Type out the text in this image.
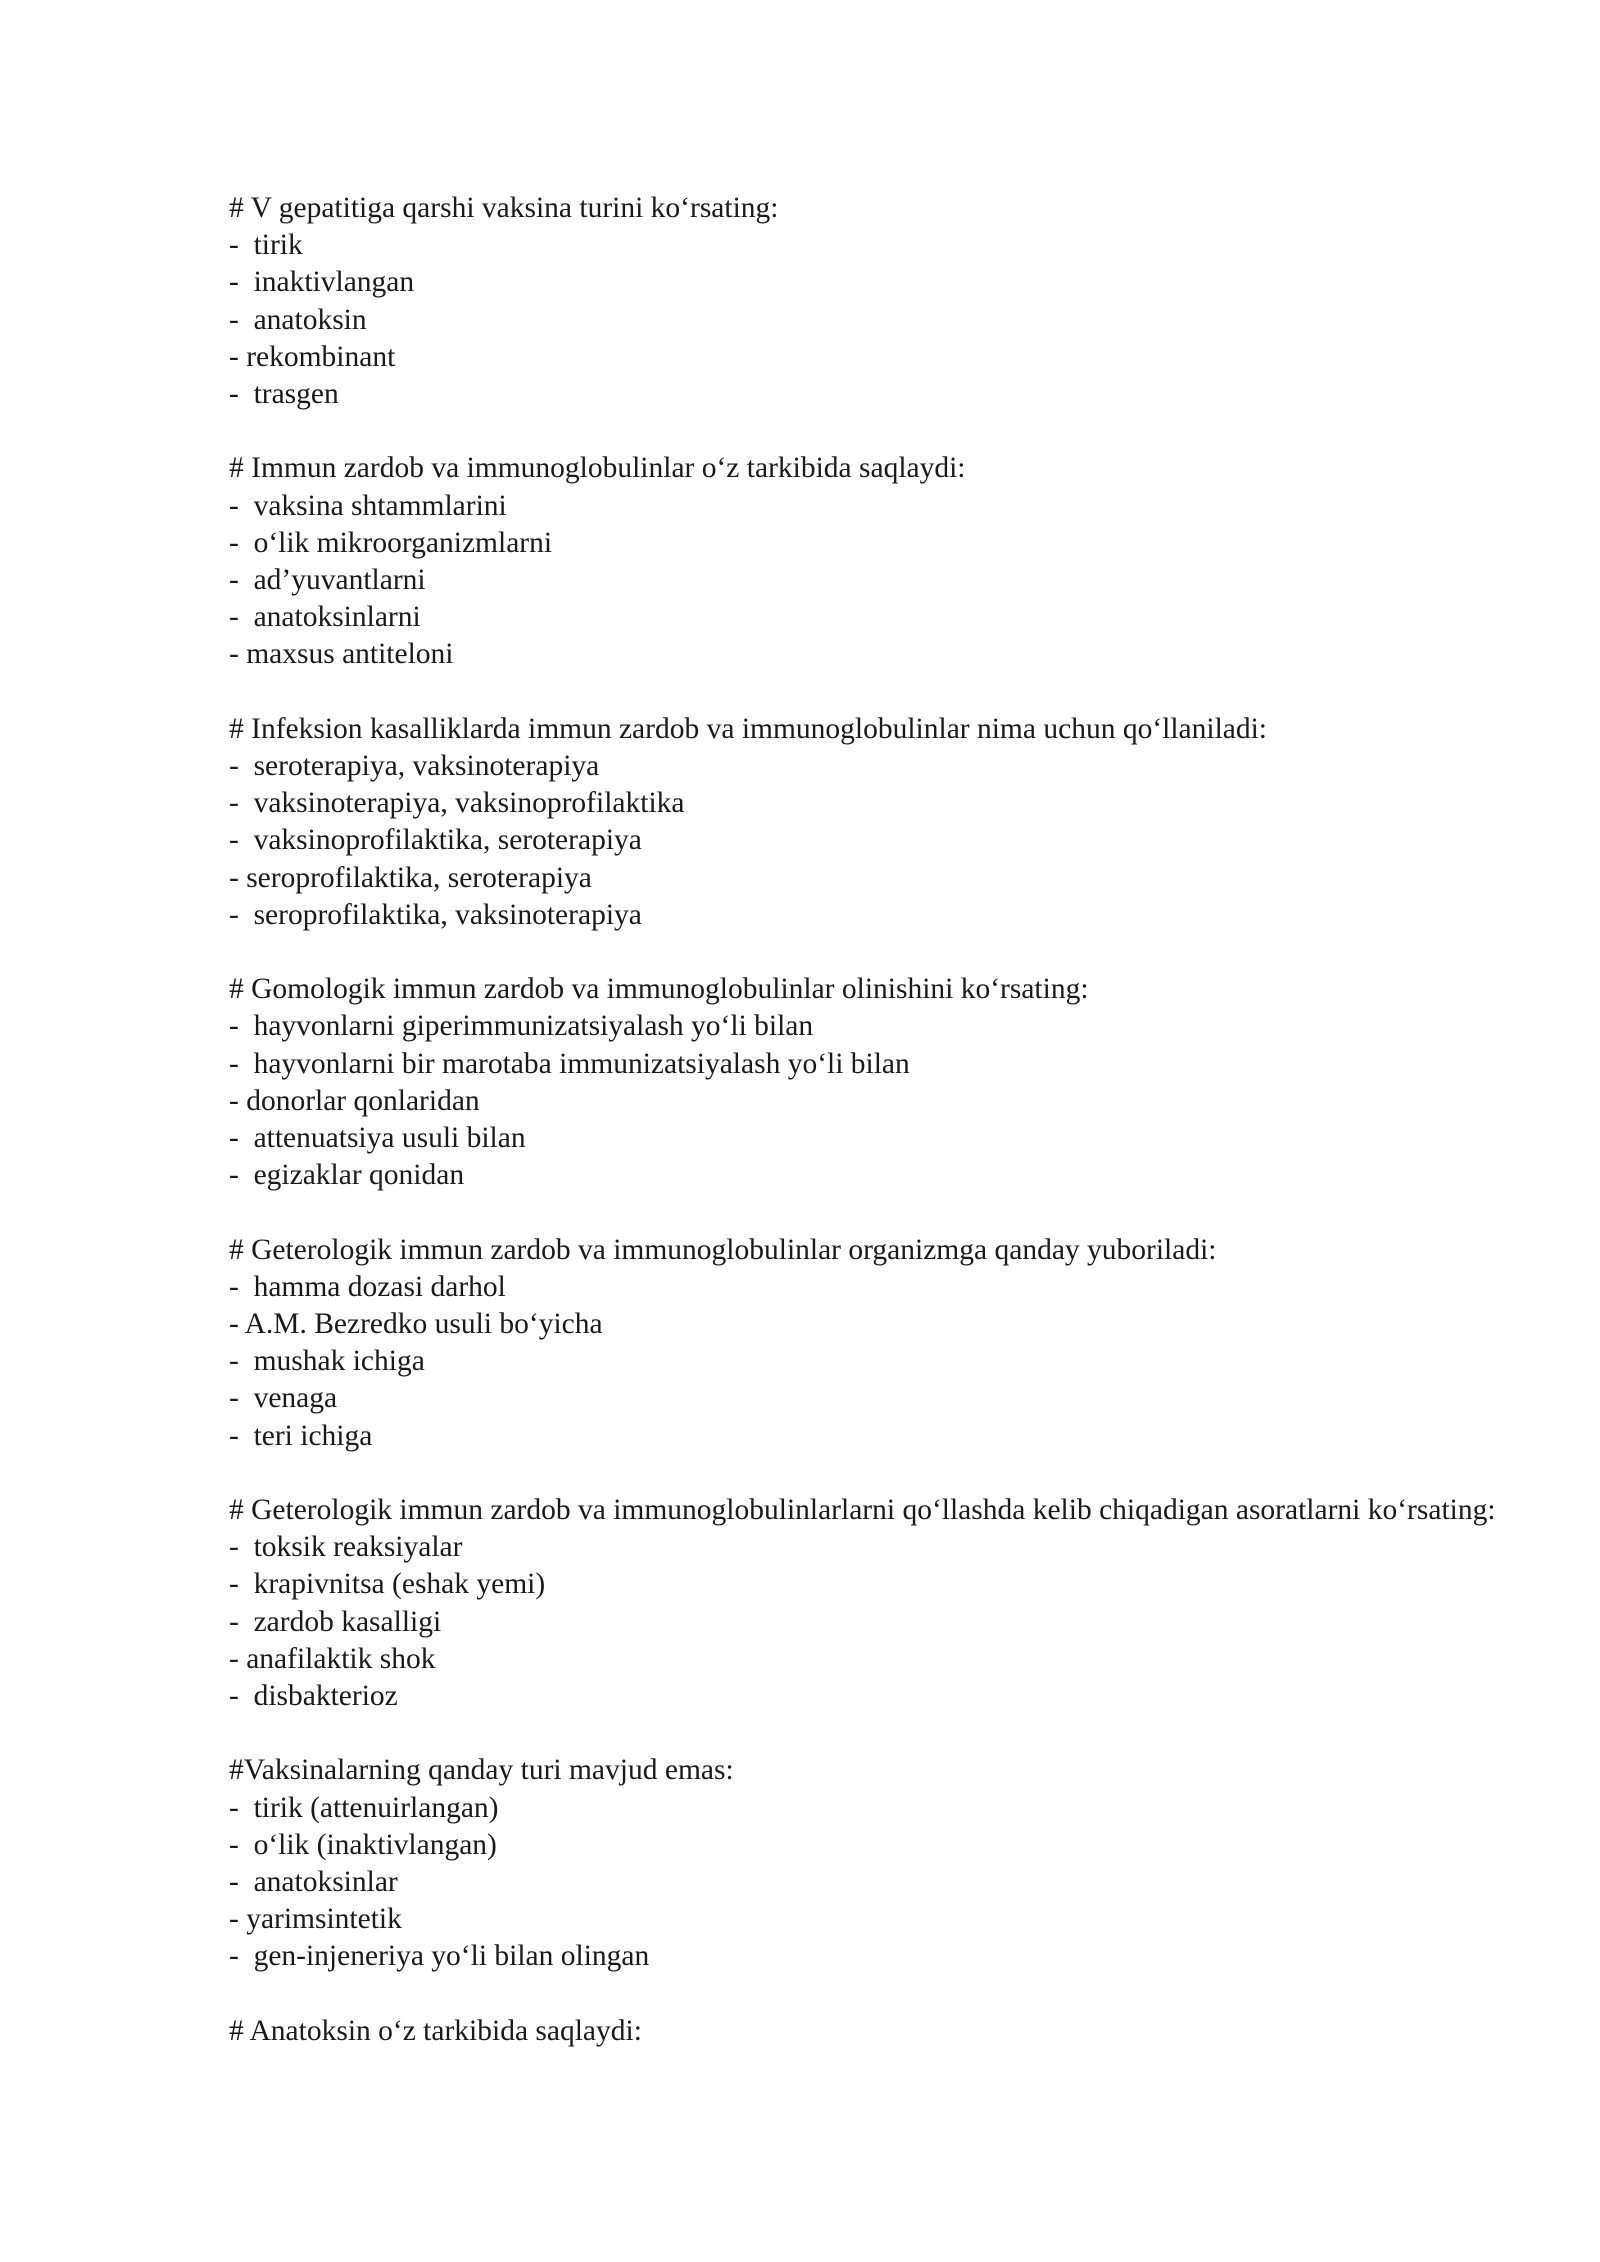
# V gepatitiga qarshi vaksina turini ko‘rsating:
-  tirik
-  inaktivlangan
-  anatoksin
- rekombinant
-  trasgen
# Immun zardob va immunoglobulinlar o‘z tarkibida saqlaydi:
-  vaksina shtammlarini
-  o‘lik mikroorganizmlarni
-  ad’yuvantlarni
-  anatoksinlarni
- maxsus antiteloni
# Infeksion kasalliklarda immun zardob va immunoglobulinlar nima uchun qo‘llaniladi:
-  seroterapiya, vaksinoterapiya
-  vaksinoterapiya, vaksinoprofilaktika
-  vaksinoprofilaktika, seroterapiya
- seroprofilaktika, seroterapiya
-  seroprofilaktika, vaksinoterapiya
# Gomologik immun zardob va immunoglobulinlar olinishini ko‘rsating:
-  hayvonlarni giperimmunizatsiyalash yo‘li bilan
-  hayvonlarni bir marotaba immunizatsiyalash yo‘li bilan
- donorlar qonlaridan
-  attenuatsiya usuli bilan
-  egizaklar qonidan
# Geterologik immun zardob va immunoglobulinlar organizmga qanday yuboriladi:
-  hamma dozasi darhol
- A.M. Bezredko usuli bo‘yicha
-  mushak ichiga
-  venaga
-  teri ichiga
# Geterologik immun zardob va immunoglobulinlarlarni qo‘llashda kelib chiqadigan asoratlarni ko‘rsating:
-  toksik reaksiyalar
-  krapivnitsa (eshak yemi)
-  zardob kasalligi
- anafilaktik shok
-  disbakterioz
#Vaksinalarning qanday turi mavjud emas:
-  tirik (attenuirlangan)
-  o‘lik (inaktivlangan)
-  anatoksinlar
- yarimsintetik
-  gen-injeneriya yo‘li bilan olingan
# Anatoksin o‘z tarkibida saqlaydi:
